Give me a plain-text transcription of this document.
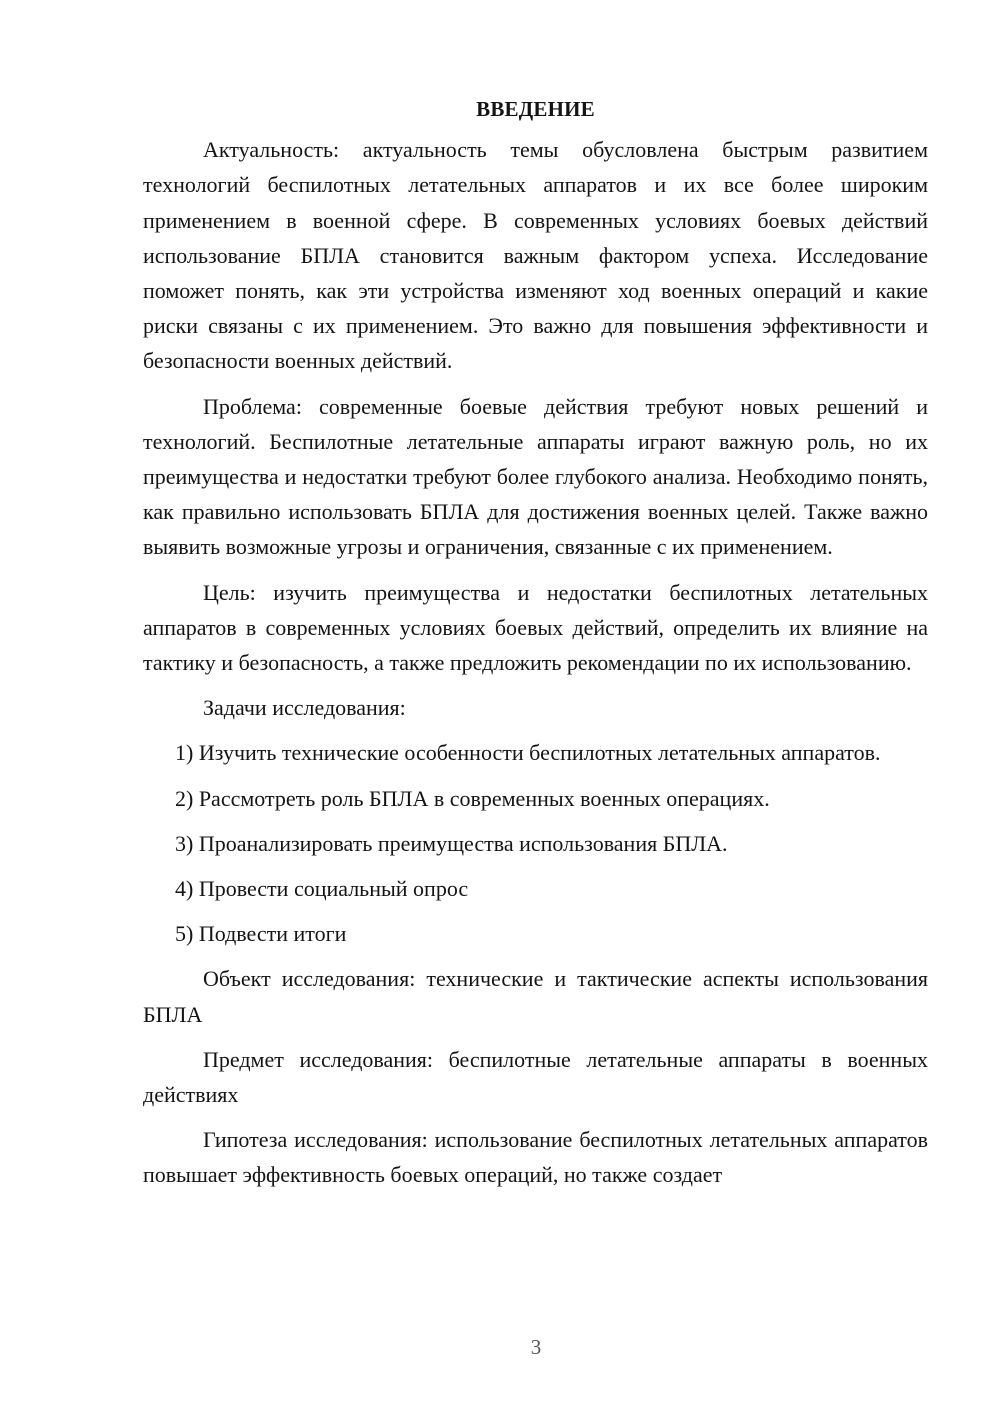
ВВЕДЕНИЕ

Актуальность: актуальность темы обусловлена быстрым развитием технологий беспилотных летательных аппаратов и их все более широким применением в военной сфере. В современных условиях боевых действий использование БПЛА становится важным фактором успеха. Исследование поможет понять, как эти устройства изменяют ход военных операций и какие риски связаны с их применением. Это важно для повышения эффективности и безопасности военных действий.

Проблема: современные боевые действия требуют новых решений и технологий. Беспилотные летательные аппараты играют важную роль, но их преимущества и недостатки требуют более глубокого анализа. Необходимо понять, как правильно использовать БПЛА для достижения военных целей. Также важно выявить возможные угрозы и ограничения, связанные с их применением.

Цель: изучить преимущества и недостатки беспилотных летательных аппаратов в современных условиях боевых действий, определить их влияние на тактику и безопасность, а также предложить рекомендации по их использованию.

Задачи исследования:

1) Изучить технические особенности беспилотных летательных аппаратов.

2) Рассмотреть роль БПЛА в современных военных операциях.

3) Проанализировать преимущества использования БПЛА.

4) Провести социальный опрос

5) Подвести итоги

Объект исследования: технические и тактические аспекты использования БПЛА

Предмет исследования: беспилотные летательные аппараты в военных действиях

Гипотеза исследования: использование беспилотных летательных аппаратов повышает эффективность боевых операций, но также создает

3
